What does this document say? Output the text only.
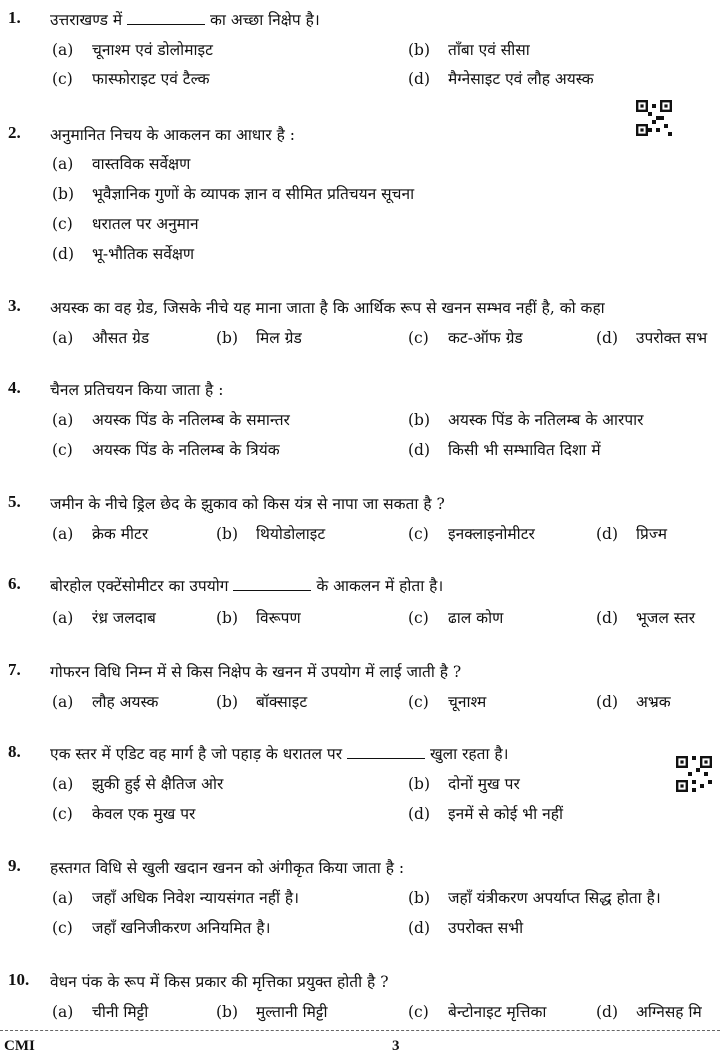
1. उत्तराखण्ड में	का अच्छा निक्षेप है।
(a) चूनाश्म एवं डोलोमाइट	(b) ताँबा एवं सीसा
(c) फास्फोराइट एवं टैल्क	(d) मैग्नेसाइट एवं लौह अयस्क
2. अनुमानित निचय के आकलन का आधार है :
(a) वास्तविक सर्वेक्षण
(b) भूवैज्ञानिक गुणों के व्यापक ज्ञान व सीमित प्रतिचयन सूचना
(c) धरातल पर अनुमान
(d) भू-भौतिक सर्वेक्षण
3. अयस्क का वह ग्रेड, जिसके नीचे यह माना जाता है कि आर्थिक रूप से खनन सम्भव नहीं है, को कहा
(a) औसत ग्रेड	(b) मिल ग्रेड	(c) कट-ऑफ ग्रेड	(d) उपरोक्त सभ
4. चैनल प्रतिचयन किया जाता है :
(a) अयस्क पिंड के नतिलम्ब के समान्तर	(b) अयस्क पिंड के नतिलम्ब के आरपार
(c) अयस्क पिंड के नतिलम्ब के त्रियंक	(d) किसी भी सम्भावित दिशा में
5. जमीन के नीचे ड्रिल छेद के झुकाव को किस यंत्र से नापा जा सकता है ?
(a) क्रेक मीटर	(b) थियोडोलाइट	(c) इनक्लाइनोमीटर	(d) प्रिज्म
6. बोरहोल एक्टेंसोमीटर का उपयोग	के आकलन में होता है।
(a) रंध्र जलदाब	(b) विरूपण	(c) ढाल कोण	(d) भूजल स्तर
7. गोफरन विधि निम्न में से किस निक्षेप के खनन में उपयोग में लाई जाती है ?
(a) लौह अयस्क	(b) बॉक्साइट	(c) चूनाश्म	(d) अभ्रक
8. एक स्तर में एडिट वह मार्ग है जो पहाड़ के धरातल पर	खुला रहता है।
(a) झुकी हुई से क्षैतिज ओर	(b) दोनों मुख पर
(c) केवल एक मुख पर	(d) इनमें से कोई भी नहीं
9. हस्तगत विधि से खुली खदान खनन को अंगीकृत किया जाता है :
(a) जहाँ अधिक निवेश न्यायसंगत नहीं है।	(b) जहाँ यंत्रीकरण अपर्याप्त सिद्ध होता है।
(c) जहाँ खनिजीकरण अनियमित है।	(d) उपरोक्त सभी
10. वेधन पंक के रूप में किस प्रकार की मृत्तिका प्रयुक्त होती है ?
(a) चीनी मिट्टी	(b) मुल्तानी मिट्टी	(c) बेन्टोनाइट मृत्तिका	(d) अग्निसह मि
CMI	3
